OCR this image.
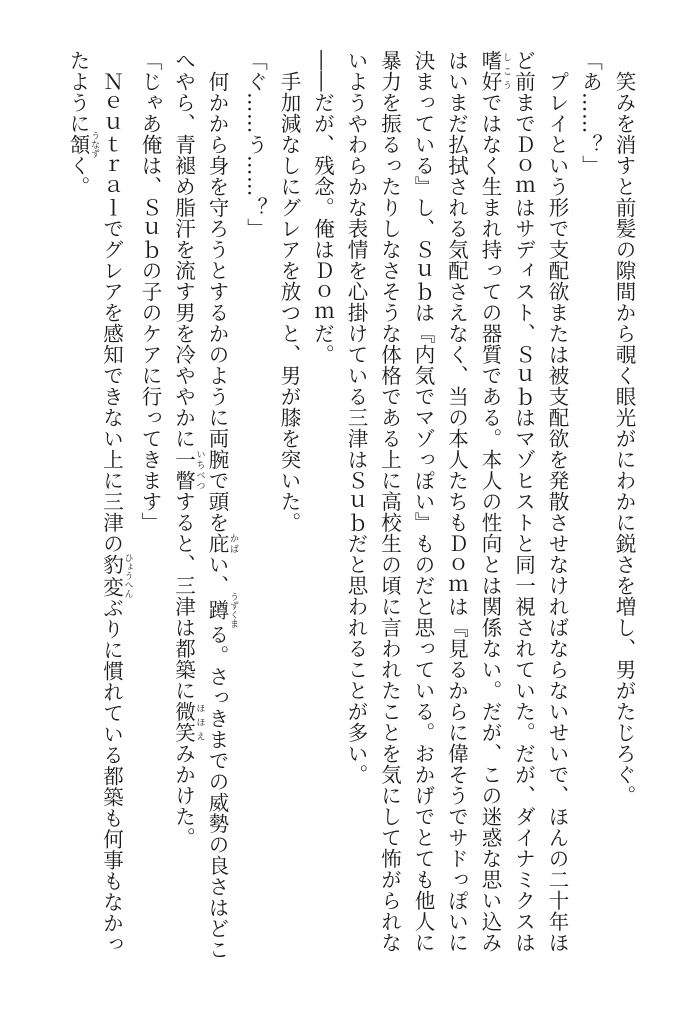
笑みを消すと前髪の隙間から覗く眼光がにわかに鋭さを増し、男がたじろぐ。

「あ……？」

プレイという形で支配欲または被支配欲を発散させなければならないせいで、ほんの二十年ほど前までＤｏｍはサディスト、Ｓｕｂはマゾヒストと同一視されていた。だが、ダイナミクスは嗜好 しこうではなく生まれ持っての器質である。本人の性向とは関係ない。だが、この迷惑な思い込みはいまだ払拭される気配さえなく、当の本人たちもＤｏｍは『見るからに偉そうでサドっぽいに決まっている』し、Ｓｕｂは『内気でマゾっぽい』ものだと思っている。おかげでとても他人に暴力を振るったりしなさそうな体格である上に高校生の頃に言われたことを気にして怖がられないようやわらかな表情を心掛けている三津はＳｕｂだと思われることが多い。

――だが、残念。俺はＤｏｍだ。

手加減なしにグレアを放つと、男が膝を突いた。

「ぐ……う……？」

何かから身を守ろうとするかのように両腕で頭を庇 かばい、蹲 うずくまる。さっきまでの威勢の良さはどこへやら、青褪め脂汗を流す男を冷ややかに一瞥 いちべつすると、三津は都築に微笑 ほほえみかけた。

「じゃあ俺は、Ｓｕｂの子のケアに行ってきます」

Ｎｅｕｔｒａｌでグレアを感知できない上に三津の豹変 ひょうへんぶりに慣れている都築も何事もなかったように頷 うなずく。
